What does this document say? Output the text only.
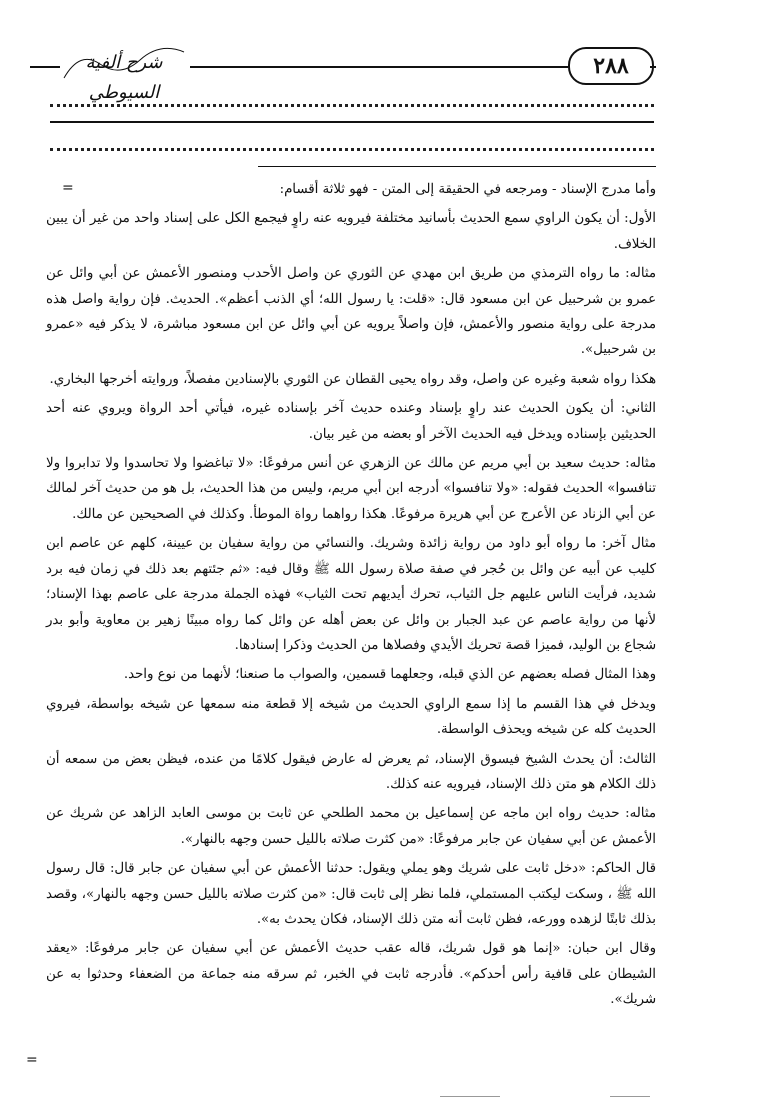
شرح ألفية السيوطي
٢٨٨
=
=

وأما مدرج الإسناد - ومرجعه في الحقيقة إلى المتن - فهو ثلاثة أقسام:

الأول: أن يكون الراوي سمع الحديث بأسانيد مختلفة فيرويه عنه راوٍ فيجمع الكل على إسناد واحد من غير أن يبين الخلاف.

مثاله: ما رواه الترمذي من طريق ابن مهدي عن الثوري عن واصل الأحدب ومنصور الأعمش عن أبي وائل عن عمرو بن شرحبيل عن ابن مسعود قال: «قلت: يا رسول الله؛ أي الذنب أعظم». الحديث. فإن رواية واصل هذه مدرجة على رواية منصور والأعمش، فإن واصلاً يرويه عن أبي وائل عن ابن مسعود مباشرة، لا يذكر فيه «عمرو بن شرحبيل».

هكذا رواه شعبة وغيره عن واصل، وقد رواه يحيى القطان عن الثوري بالإسنادين مفصلاً، وروايته أخرجها البخاري.

الثاني: أن يكون الحديث عند راوٍ بإسناد وعنده حديث آخر بإسناده غيره، فيأتي أحد الرواة ويروي عنه أحد الحديثين بإسناده ويدخل فيه الحديث الآخر أو بعضه من غير بيان.

مثاله: حديث سعيد بن أبي مريم عن مالك عن الزهري عن أنس مرفوعًا: «لا تباغضوا ولا تحاسدوا ولا تدابروا ولا تنافسوا» الحديث فقوله: «ولا تنافسوا» أدرجه ابن أبي مريم، وليس من هذا الحديث، بل هو من حديث آخر لمالك عن أبي الزناد عن الأعرج عن أبي هريرة مرفوعًا. هكذا رواهما رواة الموطأ. وكذلك في الصحيحين عن مالك.

مثال آخر: ما رواه أبو داود من رواية زائدة وشريك. والنسائي من رواية سفيان بن عيينة، كلهم عن عاصم ابن كليب عن أبيه عن وائل بن حُجر في صفة صلاة رسول الله ﷺ وقال فيه: «ثم جئتهم بعد ذلك في زمان فيه برد شديد، فرأيت الناس عليهم جل الثياب، تحرك أيديهم تحت الثياب» فهذه الجملة مدرجة على عاصم بهذا الإسناد؛ لأنها من رواية عاصم عن عبد الجبار بن وائل عن بعض أهله عن وائل كما رواه مبينًا زهير بن معاوية وأبو بدر شجاع بن الوليد، فميزا قصة تحريك الأيدي وفصلاها من الحديث وذكرا إسنادها.

وهذا المثال فصله بعضهم عن الذي قبله، وجعلهما قسمين، والصواب ما صنعنا؛ لأنهما من نوع واحد.

ويدخل في هذا القسم ما إذا سمع الراوي الحديث من شيخه إلا قطعة منه سمعها عن شيخه بواسطة، فيروي الحديث كله عن شيخه ويحذف الواسطة.

الثالث: أن يحدث الشيخ فيسوق الإسناد، ثم يعرض له عارض فيقول كلامًا من عنده، فيظن بعض من سمعه أن ذلك الكلام هو متن ذلك الإسناد، فيرويه عنه كذلك.

مثاله: حديث رواه ابن ماجه عن إسماعيل بن محمد الطلحي عن ثابت بن موسى العابد الزاهد عن شريك عن الأعمش عن أبي سفيان عن جابر مرفوعًا: «من كثرت صلاته بالليل حسن وجهه بالنهار».

قال الحاكم: «دخل ثابت على شريك وهو يملي ويقول: حدثنا الأعمش عن أبي سفيان عن جابر قال: قال رسول الله ﷺ ، وسكت ليكتب المستملي، فلما نظر إلى ثابت قال: «من كثرت صلاته بالليل حسن وجهه بالنهار»، وقصد بذلك ثابتًا لزهده وورعه، فظن ثابت أنه متن ذلك الإسناد، فكان يحدث به».

وقال ابن حبان: «إنما هو قول شريك، قاله عقب حديث الأعمش عن أبي سفيان عن جابر مرفوعًا: «يعقد الشيطان على قافية رأس أحدكم». فأدرجه ثابت في الخبر، ثم سرقه منه جماعة من الضعفاء وحدثوا به عن شريك».
